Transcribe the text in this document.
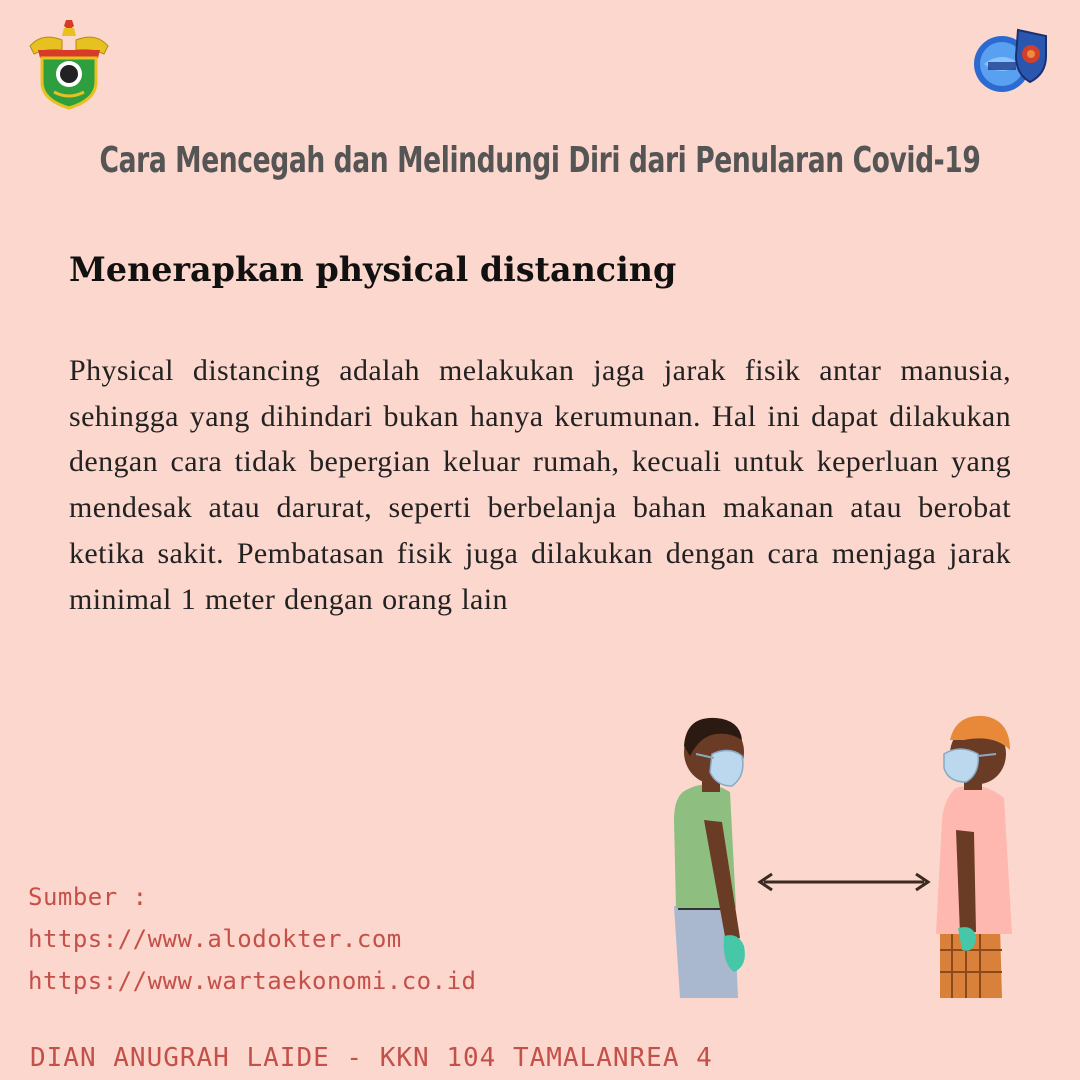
Cara Mencegah dan Melindungi Diri dari Penularan Covid-19
Menerapkan physical distancing
Physical distancing adalah melakukan jaga jarak fisik antar manusia, sehingga yang dihindari bukan hanya kerumunan. Hal ini dapat dilakukan dengan cara tidak bepergian keluar rumah, kecuali untuk keperluan yang mendesak atau darurat, seperti berbelanja bahan makanan atau berobat ketika sakit. Pembatasan fisik juga dilakukan dengan cara menjaga jarak minimal 1 meter dengan orang lain
Sumber :
https://www.alodokter.com
https://www.wartaekonomi.co.id
DIAN ANUGRAH LAIDE - KKN 104 TAMALANREA 4
